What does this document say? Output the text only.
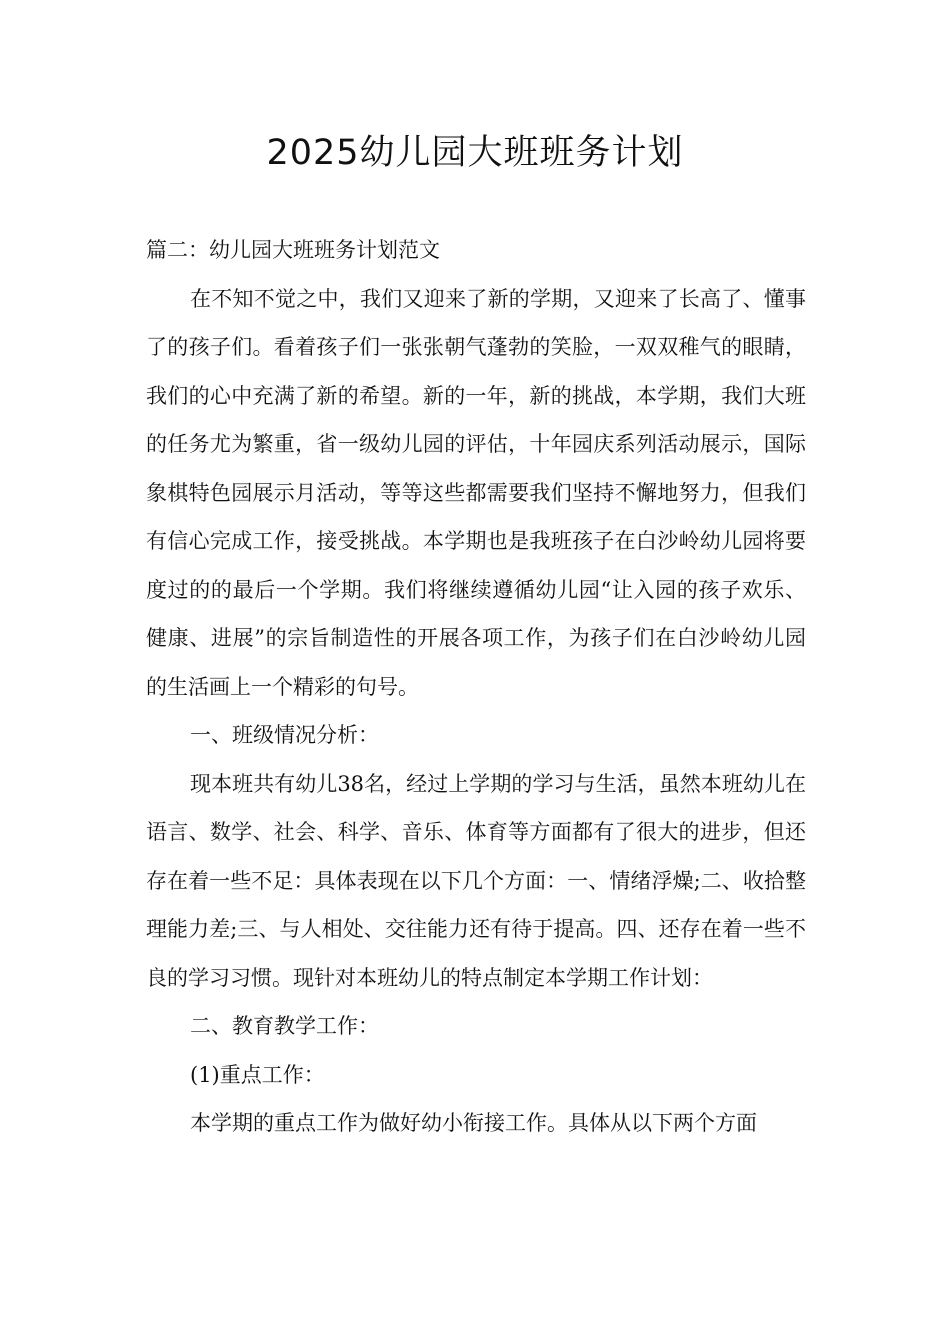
2025幼儿园大班班务计划

篇二：幼儿园大班班务计划范文

在不知不觉之中，我们又迎来了新的学期，又迎来了长高了、懂事了的孩子们。看着孩子们一张张朝气蓬勃的笑脸，一双双稚气的眼睛，我们的心中充满了新的希望。新的一年，新的挑战，本学期，我们大班的任务尤为繁重，省一级幼儿园的评估，十年园庆系列活动展示，国际象棋特色园展示月活动，等等这些都需要我们坚持不懈地努力，但我们有信心完成工作，接受挑战。本学期也是我班孩子在白沙岭幼儿园将要度过的的最后一个学期。我们将继续遵循幼儿园“让入园的孩子欢乐、健康、进展”的宗旨制造性的开展各项工作，为孩子们在白沙岭幼儿园的生活画上一个精彩的句号。

一、班级情况分析：

现本班共有幼儿38名，经过上学期的学习与生活，虽然本班幼儿在语言、数学、社会、科学、音乐、体育等方面都有了很大的进步，但还存在着一些不足：具体表现在以下几个方面：一、情绪浮燥;二、收拾整理能力差;三、与人相处、交往能力还有待于提高。四、还存在着一些不良的学习习惯。现针对本班幼儿的特点制定本学期工作计划：

二、教育教学工作：

(1)重点工作：

本学期的重点工作为做好幼小衔接工作。具体从以下两个方面
